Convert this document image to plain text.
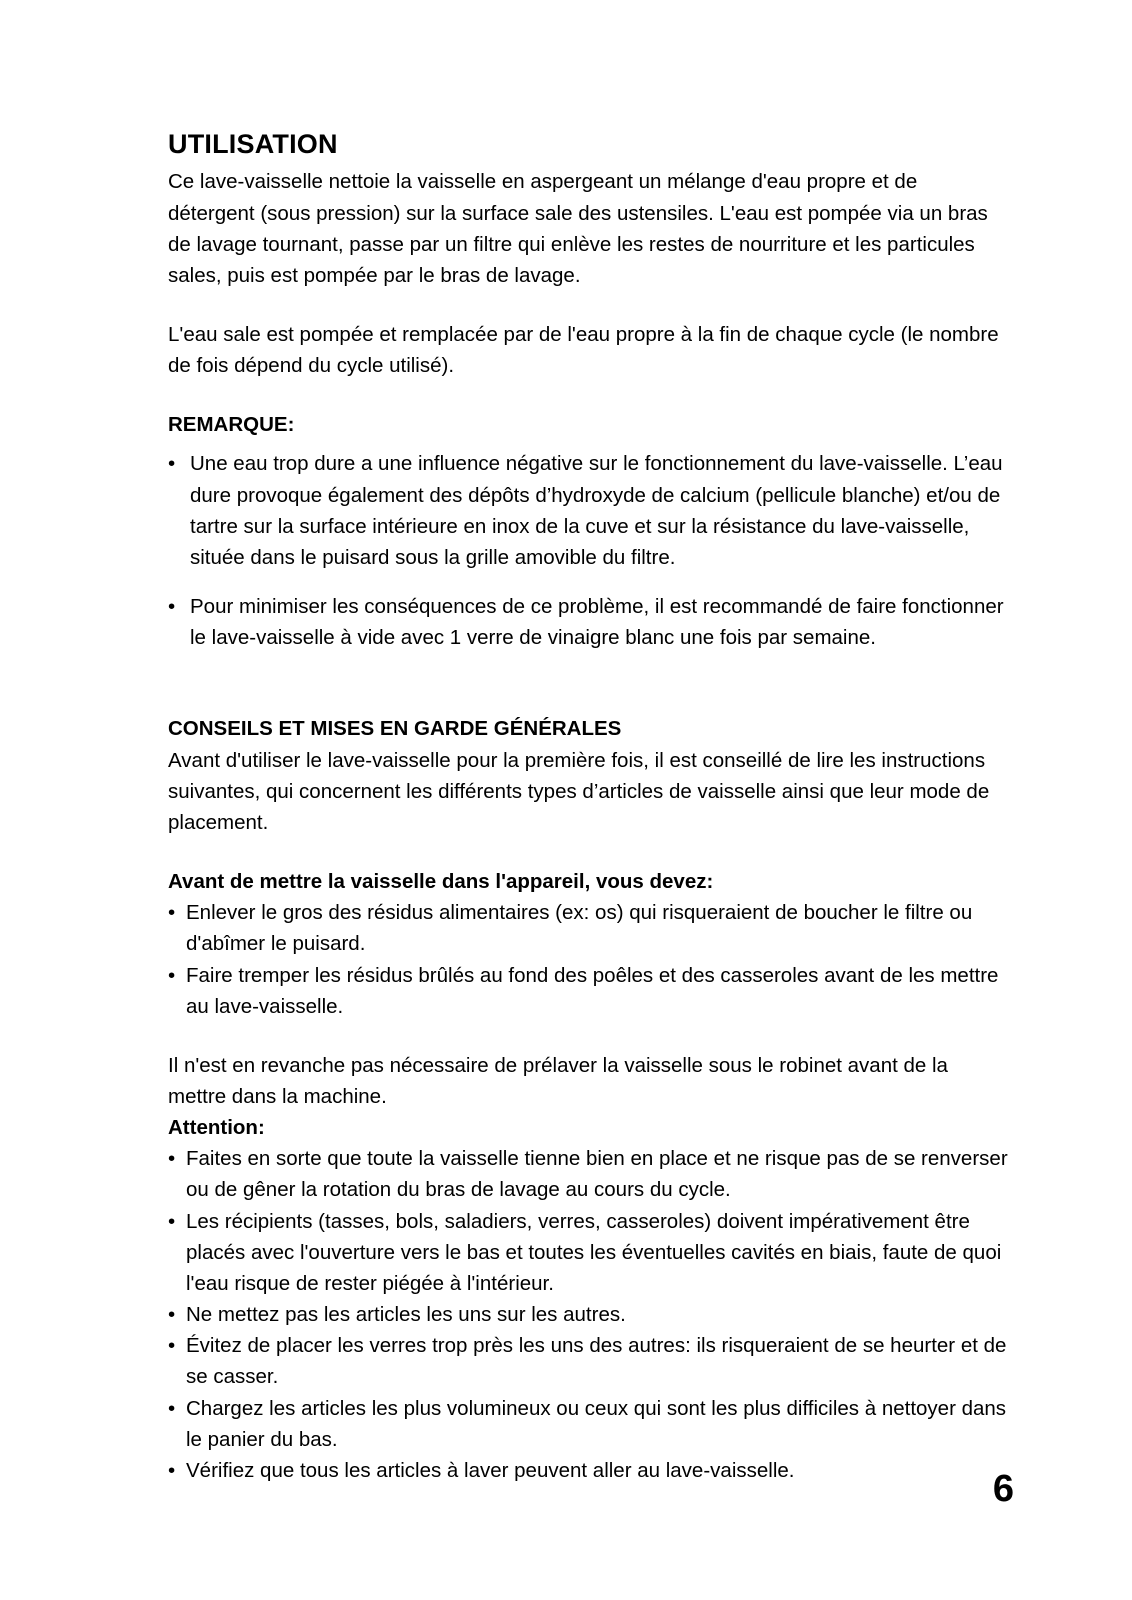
UTILISATION

Ce lave-vaisselle nettoie la vaisselle en aspergeant un mélange d'eau propre et de détergent (sous pression) sur la surface sale des ustensiles. L'eau est pompée via un bras de lavage tournant, passe par un filtre qui enlève les restes de nourriture et les particules sales, puis est pompée par le bras de lavage.

L'eau sale est pompée et remplacée par de l'eau propre à la fin de chaque cycle (le nombre de fois dépend du cycle utilisé).

REMARQUE:

• Une eau trop dure a une influence négative sur le fonctionnement du lave-vaisselle. L’eau dure provoque également des dépôts d’hydroxyde de calcium (pellicule blanche) et/ou de tartre sur la surface intérieure en inox de la cuve et sur la résistance du lave-vaisselle, située dans le puisard sous la grille amovible du filtre.
• Pour minimiser les conséquences de ce problème, il est recommandé de faire fonctionner le lave-vaisselle à vide avec 1 verre de vinaigre blanc une fois par semaine.

CONSEILS ET MISES EN GARDE GÉNÉRALES

Avant d'utiliser le lave-vaisselle pour la première fois, il est conseillé de lire les instructions suivantes, qui concernent les différents types d’articles de vaisselle ainsi que leur mode de placement.

Avant de mettre la vaisselle dans l'appareil, vous devez:

• Enlever le gros des résidus alimentaires (ex: os) qui risqueraient de boucher le filtre ou d'abîmer le puisard.
• Faire tremper les résidus brûlés au fond des poêles et des casseroles avant de les mettre au lave-vaisselle.

Il n'est en revanche pas nécessaire de prélaver la vaisselle sous le robinet avant de la mettre dans la machine.

Attention:

• Faites en sorte que toute la vaisselle tienne bien en place et ne risque pas de se renverser ou de gêner la rotation du bras de lavage au cours du cycle.
• Les récipients (tasses, bols, saladiers, verres, casseroles) doivent impérativement être placés avec l'ouverture vers le bas et toutes les éventuelles cavités en biais, faute de quoi l'eau risque de rester piégée à l'intérieur.
• Ne mettez pas les articles les uns sur les autres.
• Évitez de placer les verres trop près les uns des autres: ils risqueraient de se heurter et de se casser.
• Chargez les articles les plus volumineux ou ceux qui sont les plus difficiles à nettoyer dans le panier du bas.
• Vérifiez que tous les articles à laver peuvent aller au lave-vaisselle.	6
